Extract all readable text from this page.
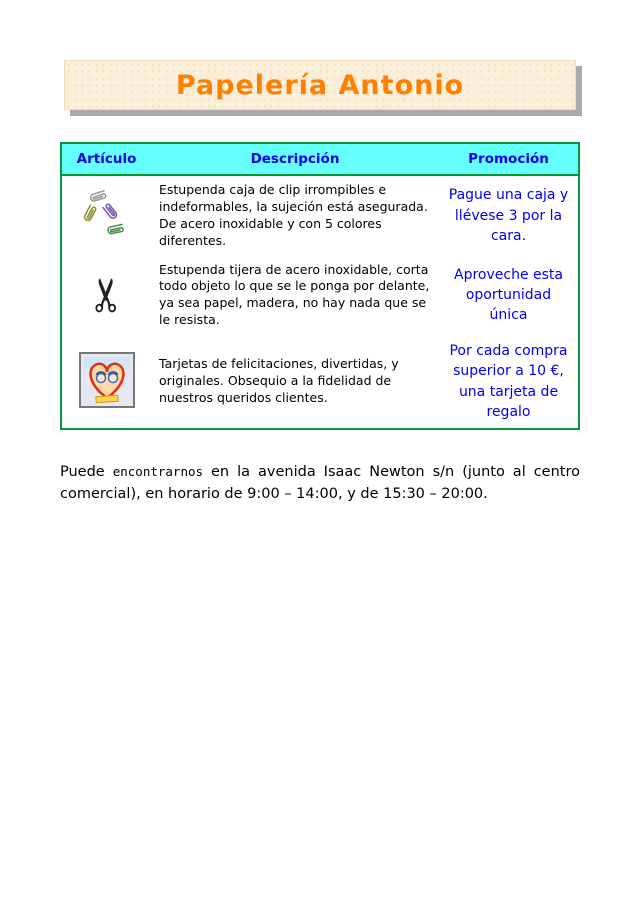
Papelería Antonio
Artículo	Descripción	Promoción
	Estupenda caja de clip irrompibles e indeformables, la sujeción está asegurada. De acero inoxidable y con 5 colores diferentes.	Pague una caja y llévese 3 por la cara.
✂	Estupenda tijera de acero inoxidable, corta todo objeto lo que se le ponga por delante, ya sea papel, madera, no hay nada que se le resista.	Aproveche esta oportunidad única
	Tarjetas de felicitaciones, divertidas, y originales. Obsequio a la fidelidad de nuestros queridos clientes.	Por cada compra superior a 10 €, una tarjeta de regalo

Puede encontrarnos en la avenida Isaac Newton s/n (junto al centro comercial), en horario de 9:00 – 14:00, y de 15:30 – 20:00.
